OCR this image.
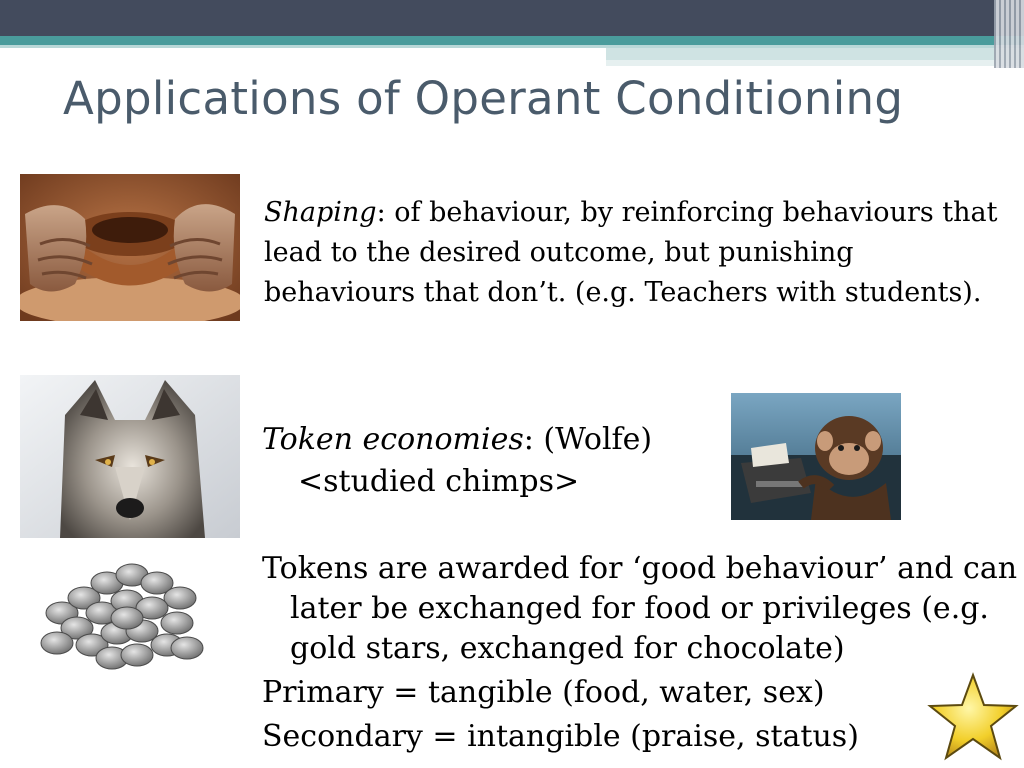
Applications of Operant Conditioning
Shaping: of behaviour, by reinforcing behaviours that lead to the desired outcome, but punishing behaviours that don’t. (e.g. Teachers with students).
Token economies: (Wolfe)
<studied chimps>
Tokens are awarded for ‘good behaviour’ and can later be exchanged for food or privileges (e.g. gold stars, exchanged for chocolate)
Primary = tangible (food, water, sex)
Secondary = intangible (praise, status)
